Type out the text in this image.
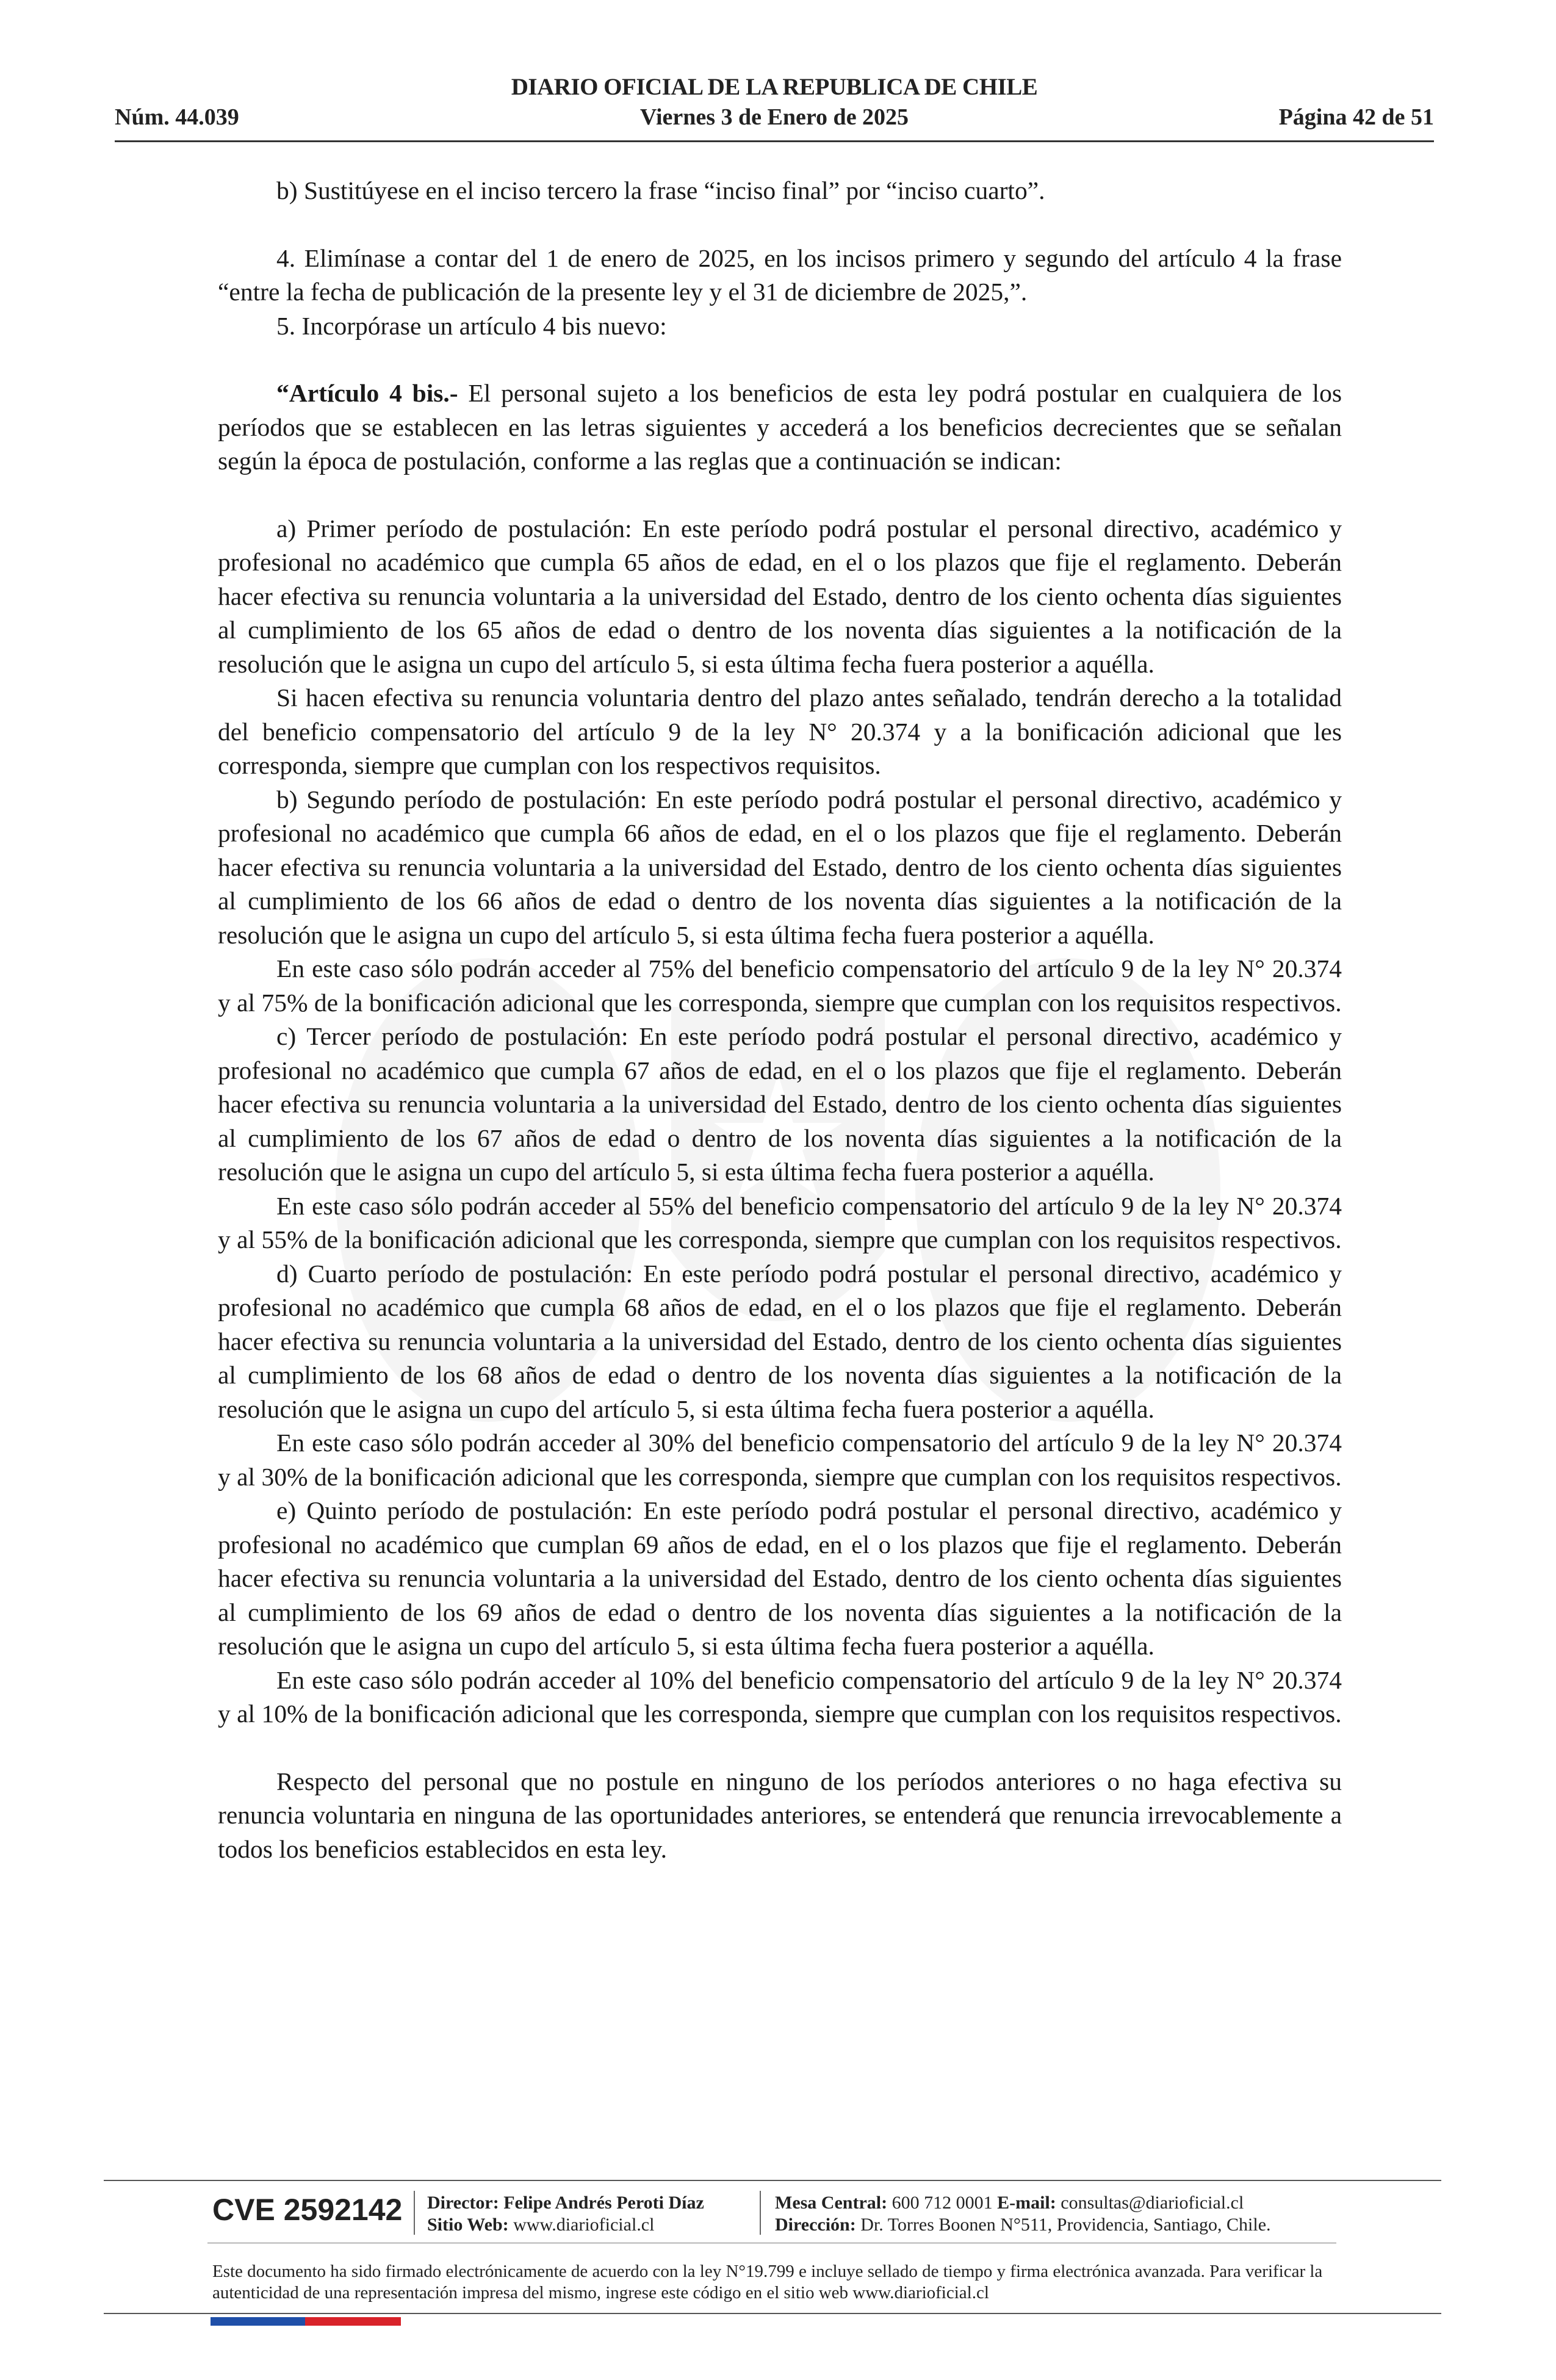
DIARIO OFICIAL DE LA REPUBLICA DE CHILE
Núm. 44.039	Viernes 3 de Enero de 2025	Página 42 de 51

b) Sustitúyese en el inciso tercero la frase “inciso final” por “inciso cuarto”.

4. Elimínase a contar del 1 de enero de 2025, en los incisos primero y segundo del artículo 4 la frase “entre la fecha de publicación de la presente ley y el 31 de diciembre de 2025,”.

5. Incorpórase un artículo 4 bis nuevo:

“Artículo 4 bis.- El personal sujeto a los beneficios de esta ley podrá postular en cualquiera de los períodos que se establecen en las letras siguientes y accederá a los beneficios decrecientes que se señalan según la época de postulación, conforme a las reglas que a continuación se indican:

a) Primer período de postulación: En este período podrá postular el personal directivo, académico y profesional no académico que cumpla 65 años de edad, en el o los plazos que fije el reglamento. Deberán hacer efectiva su renuncia voluntaria a la universidad del Estado, dentro de los ciento ochenta días siguientes al cumplimiento de los 65 años de edad o dentro de los noventa días siguientes a la notificación de la resolución que le asigna un cupo del artículo 5, si esta última fecha fuera posterior a aquélla.

Si hacen efectiva su renuncia voluntaria dentro del plazo antes señalado, tendrán derecho a la totalidad del beneficio compensatorio del artículo 9 de la ley N° 20.374 y a la bonificación adicional que les corresponda, siempre que cumplan con los respectivos requisitos.

b) Segundo período de postulación: En este período podrá postular el personal directivo, académico y profesional no académico que cumpla 66 años de edad, en el o los plazos que fije el reglamento. Deberán hacer efectiva su renuncia voluntaria a la universidad del Estado, dentro de los ciento ochenta días siguientes al cumplimiento de los 66 años de edad o dentro de los noventa días siguientes a la notificación de la resolución que le asigna un cupo del artículo 5, si esta última fecha fuera posterior a aquélla.

En este caso sólo podrán acceder al 75% del beneficio compensatorio del artículo 9 de la ley N° 20.374 y al 75% de la bonificación adicional que les corresponda, siempre que cumplan con los requisitos respectivos.

c) Tercer período de postulación: En este período podrá postular el personal directivo, académico y profesional no académico que cumpla 67 años de edad, en el o los plazos que fije el reglamento. Deberán hacer efectiva su renuncia voluntaria a la universidad del Estado, dentro de los ciento ochenta días siguientes al cumplimiento de los 67 años de edad o dentro de los noventa días siguientes a la notificación de la resolución que le asigna un cupo del artículo 5, si esta última fecha fuera posterior a aquélla.

En este caso sólo podrán acceder al 55% del beneficio compensatorio del artículo 9 de la ley N° 20.374 y al 55% de la bonificación adicional que les corresponda, siempre que cumplan con los requisitos respectivos.

d) Cuarto período de postulación: En este período podrá postular el personal directivo, académico y profesional no académico que cumpla 68 años de edad, en el o los plazos que fije el reglamento. Deberán hacer efectiva su renuncia voluntaria a la universidad del Estado, dentro de los ciento ochenta días siguientes al cumplimiento de los 68 años de edad o dentro de los noventa días siguientes a la notificación de la resolución que le asigna un cupo del artículo 5, si esta última fecha fuera posterior a aquélla.

En este caso sólo podrán acceder al 30% del beneficio compensatorio del artículo 9 de la ley N° 20.374 y al 30% de la bonificación adicional que les corresponda, siempre que cumplan con los requisitos respectivos.

e) Quinto período de postulación: En este período podrá postular el personal directivo, académico y profesional no académico que cumplan 69 años de edad, en el o los plazos que fije el reglamento. Deberán hacer efectiva su renuncia voluntaria a la universidad del Estado, dentro de los ciento ochenta días siguientes al cumplimiento de los 69 años de edad o dentro de los noventa días siguientes a la notificación de la resolución que le asigna un cupo del artículo 5, si esta última fecha fuera posterior a aquélla.

En este caso sólo podrán acceder al 10% del beneficio compensatorio del artículo 9 de la ley N° 20.374 y al 10% de la bonificación adicional que les corresponda, siempre que cumplan con los requisitos respectivos.

Respecto del personal que no postule en ninguno de los períodos anteriores o no haga efectiva su renuncia voluntaria en ninguna de las oportunidades anteriores, se entenderá que renuncia irrevocablemente a todos los beneficios establecidos en esta ley.

CVE 2592142 Director: Felipe Andrés Peroti Díaz
Sitio Web: www.diarioficial.cl
Mesa Central: 600 712 0001 E-mail: consultas@diarioficial.cl
Dirección: Dr. Torres Boonen N°511, Providencia, Santiago, Chile.
Este documento ha sido firmado electrónicamente de acuerdo con la ley N°19.799 e incluye sellado de tiempo y firma electrónica avanzada. Para verificar la autenticidad de una representación impresa del mismo, ingrese este código en el sitio web www.diarioficial.cl
